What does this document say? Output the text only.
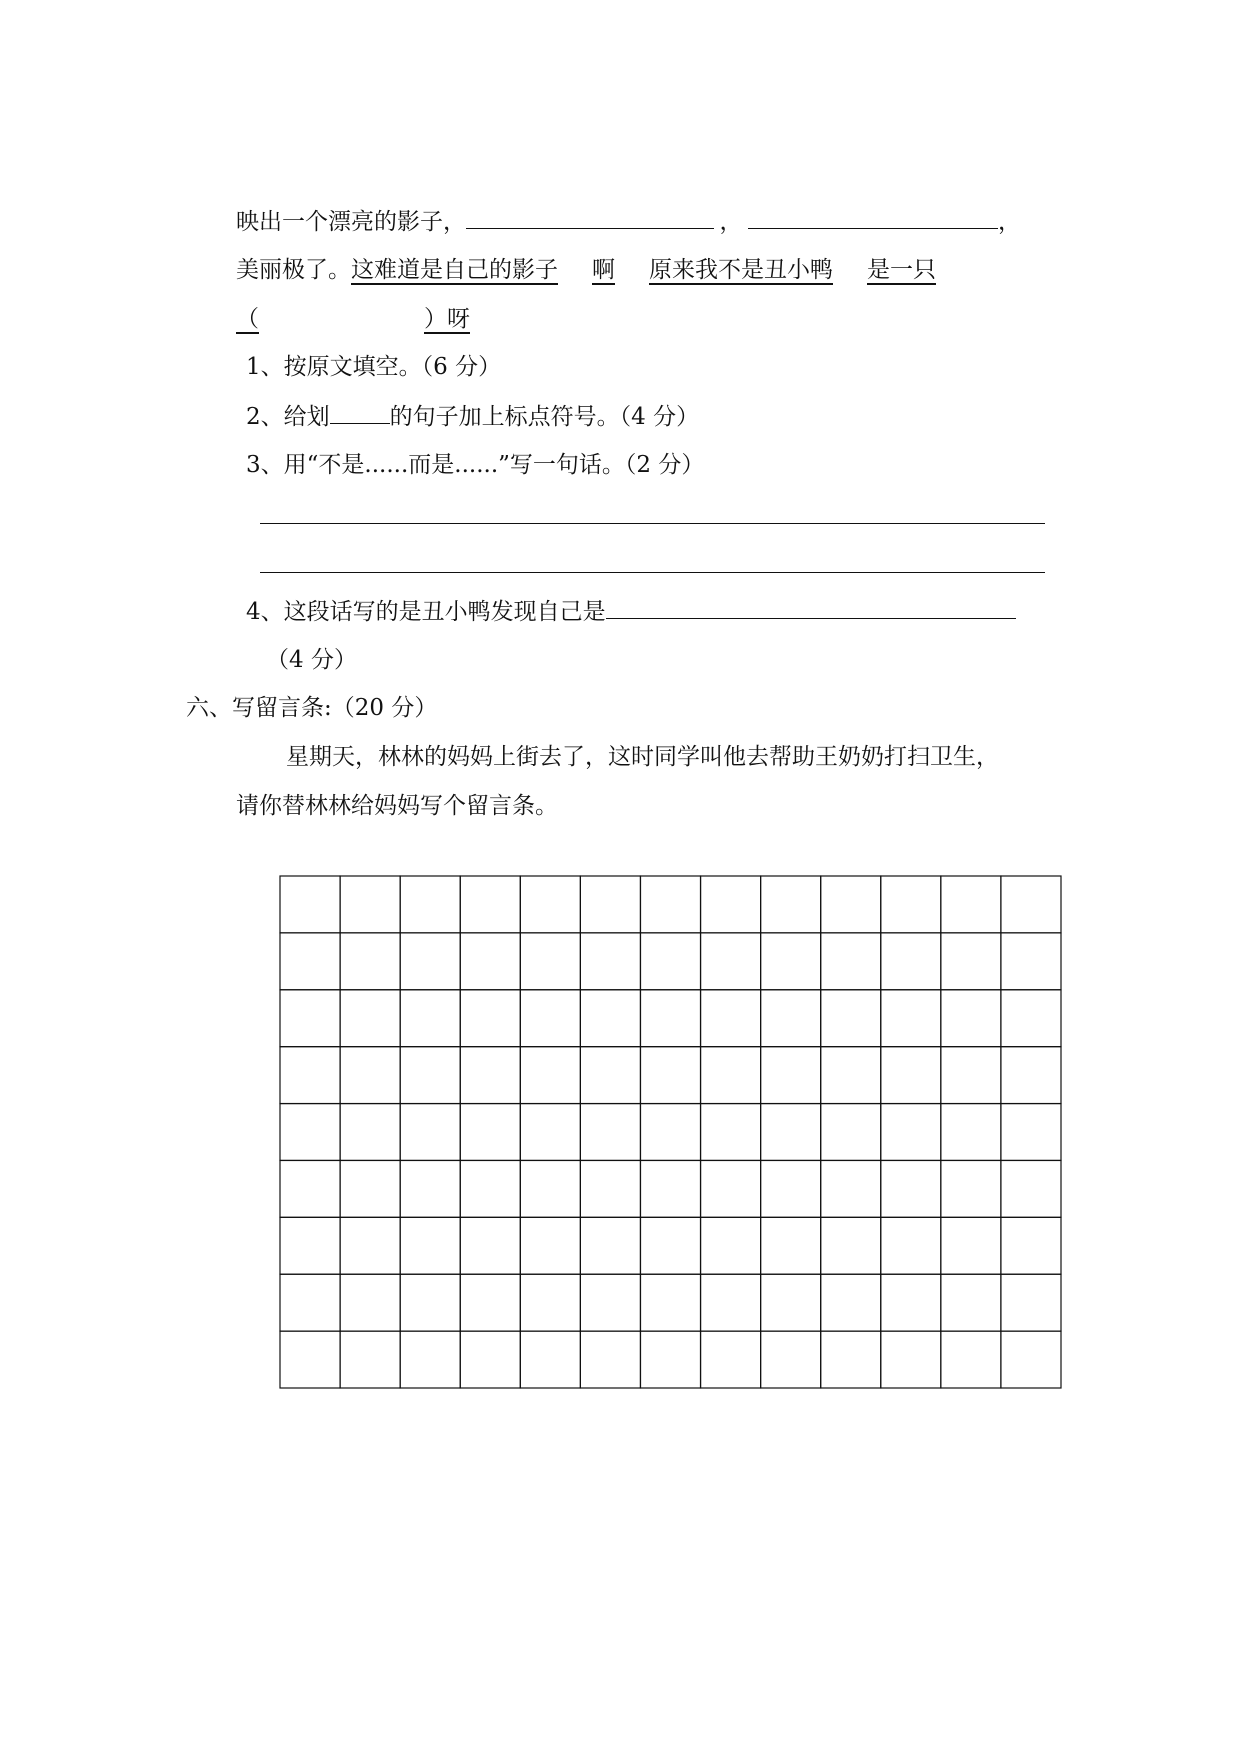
映出一个漂亮的影子，	，	，
美丽极了。这难道是自己的影子 啊 原来我不是丑小鸭 是一只
（	）呀
1、按原文填空。（6 分）
2、给划	的句子加上标点符号。（4 分）
3、用“不是......而是......”写一句话。（2 分）
4、这段话写的是丑小鸭发现自己是
（4 分）
六、写留言条:（20 分）
星期天，林林的妈妈上街去了，这时同学叫他去帮助王奶奶打扫卫生，
请你替林林给妈妈写个留言条。
